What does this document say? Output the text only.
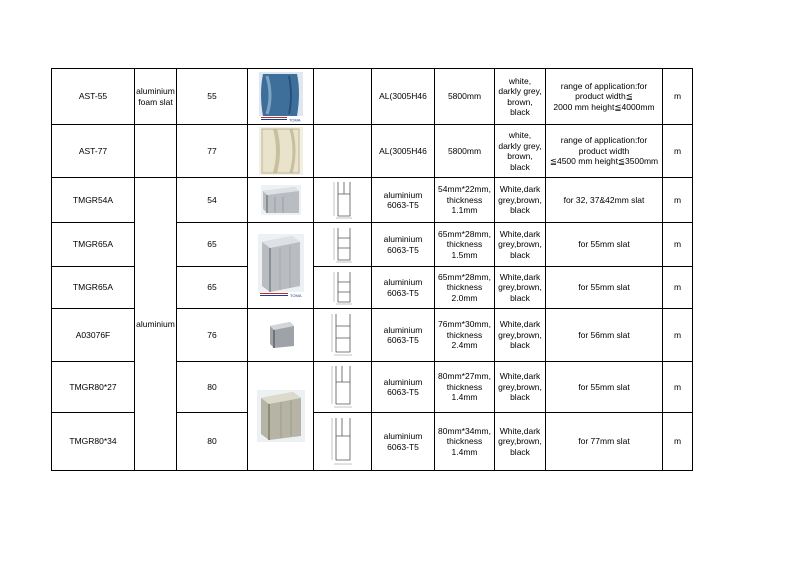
AST-55	aluminium
foam slat	55	TOMA		AL(3005H46	5800mm	white,
darkly grey,
brown,
black	range of application:for
product width≦
2000 mm height≦4000mm	m
AST-77		77			AL(3005H46	5800mm	white,
darkly grey,
brown,
black	range of application:for
product width
≦4500 mm height≦3500mm	m
TMGR54A	aluminium	54			aluminium
6063-T5	54mm*22mm,
thickness
1.1mm	White,dark
grey,brown,
black	for 32, 37&42mm slat	m
TMGR65A		65	TOMA		aluminium
6063-T5	65mm*28mm,
thickness
1.5mm	White,dark
grey,brown,
black	for 55mm slat	m
TMGR65A		65			aluminium
6063-T5	65mm*28mm,
thickness
2.0mm	White,dark
grey,brown,
black	for 55mm slat	m
A03076F		76			aluminium
6063-T5	76mm*30mm,
thickness
2.4mm	White,dark
grey,brown,
black	for 56mm slat	m
TMGR80*27		80			aluminium
6063-T5	80mm*27mm,
thickness
1.4mm	White,dark
grey,brown,
black	for 55mm slat	m
TMGR80*34		80			aluminium
6063-T5	80mm*34mm,
thickness
1.4mm	White,dark
grey,brown,
black	for 77mm slat	m
